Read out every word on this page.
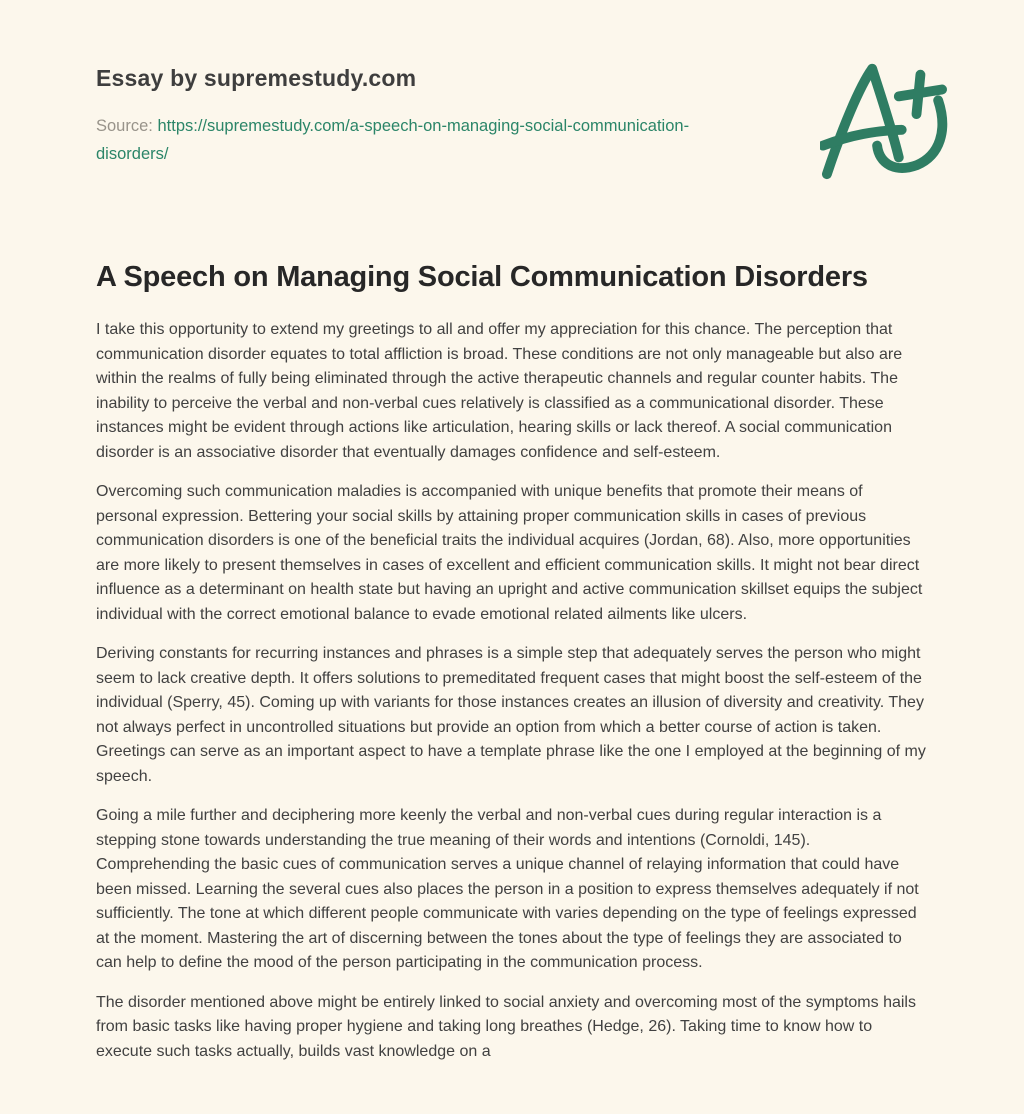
Essay by supremestudy.com

Source: https://supremestudy.com/a-speech-on-managing-social-communication-disorders/

A Speech on Managing Social Communication Disorders

I take this opportunity to extend my greetings to all and offer my appreciation for this chance. The perception that communication disorder equates to total affliction is broad. These conditions are not only manageable but also are within the realms of fully being eliminated through the active therapeutic channels and regular counter habits. The inability to perceive the verbal and non-verbal cues relatively is classified as a communicational disorder. These instances might be evident through actions like articulation, hearing skills or lack thereof. A social communication disorder is an associative disorder that eventually damages confidence and self-esteem.

Overcoming such communication maladies is accompanied with unique benefits that promote their means of personal expression. Bettering your social skills by attaining proper communication skills in cases of previous communication disorders is one of the beneficial traits the individual acquires (Jordan, 68). Also, more opportunities are more likely to present themselves in cases of excellent and efficient communication skills. It might not bear direct influence as a determinant on health state but having an upright and active communication skillset equips the subject individual with the correct emotional balance to evade emotional related ailments like ulcers.

Deriving constants for recurring instances and phrases is a simple step that adequately serves the person who might seem to lack creative depth. It offers solutions to premeditated frequent cases that might boost the self-esteem of the individual (Sperry, 45). Coming up with variants for those instances creates an illusion of diversity and creativity. They not always perfect in uncontrolled situations but provide an option from which a better course of action is taken. Greetings can serve as an important aspect to have a template phrase like the one I employed at the beginning of my speech.

Going a mile further and deciphering more keenly the verbal and non-verbal cues during regular interaction is a stepping stone towards understanding the true meaning of their words and intentions (Cornoldi, 145). Comprehending the basic cues of communication serves a unique channel of relaying information that could have been missed. Learning the several cues also places the person in a position to express themselves adequately if not sufficiently. The tone at which different people communicate with varies depending on the type of feelings expressed at the moment. Mastering the art of discerning between the tones about the type of feelings they are associated to can help to define the mood of the person participating in the communication process.

The disorder mentioned above might be entirely linked to social anxiety and overcoming most of the symptoms hails from basic tasks like having proper hygiene and taking long breathes (Hedge, 26). Taking time to know how to execute such tasks actually, builds vast knowledge on a
